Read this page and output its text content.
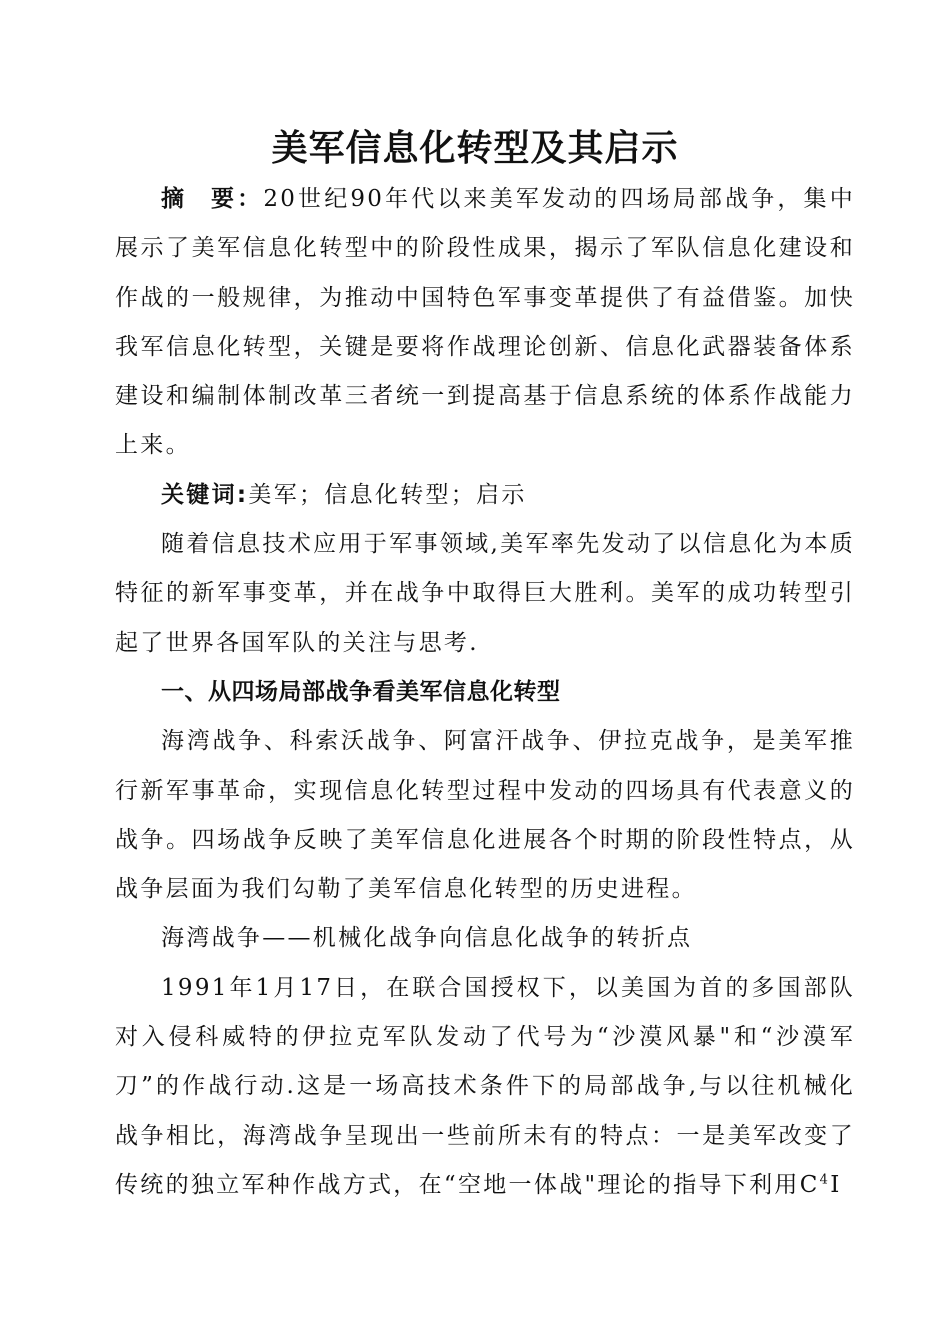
美军信息化转型及其启示

摘 要：20世纪90年代以来美军发动的四场局部战争，集中展示了美军信息化转型中的阶段性成果，揭示了军队信息化建设和作战的一般规律，为推动中国特色军事变革提供了有益借鉴。加快我军信息化转型，关键是要将作战理论创新、信息化武器装备体系建设和编制体制改革三者统一到提高基于信息系统的体系作战能力上来。

关键词:美军；信息化转型；启示

随着信息技术应用于军事领域,美军率先发动了以信息化为本质特征的新军事变革，并在战争中取得巨大胜利。美军的成功转型引起了世界各国军队的关注与思考.

一、从四场局部战争看美军信息化转型

海湾战争、科索沃战争、阿富汗战争、伊拉克战争，是美军推行新军事革命，实现信息化转型过程中发动的四场具有代表意义的战争。四场战争反映了美军信息化进展各个时期的阶段性特点，从战争层面为我们勾勒了美军信息化转型的历史进程。

海湾战争——机械化战争向信息化战争的转折点

1991年1月17日，在联合国授权下，以美国为首的多国部队对入侵科威特的伊拉克军队发动了代号为“沙漠风暴"和“沙漠军刀”的作战行动.这是一场高技术条件下的局部战争,与以往机械化战争相比，海湾战争呈现出一些前所未有的特点：一是美军改变了传统的独立军种作战方式，在“空地一体战"理论的指导下利用$C^4I$
